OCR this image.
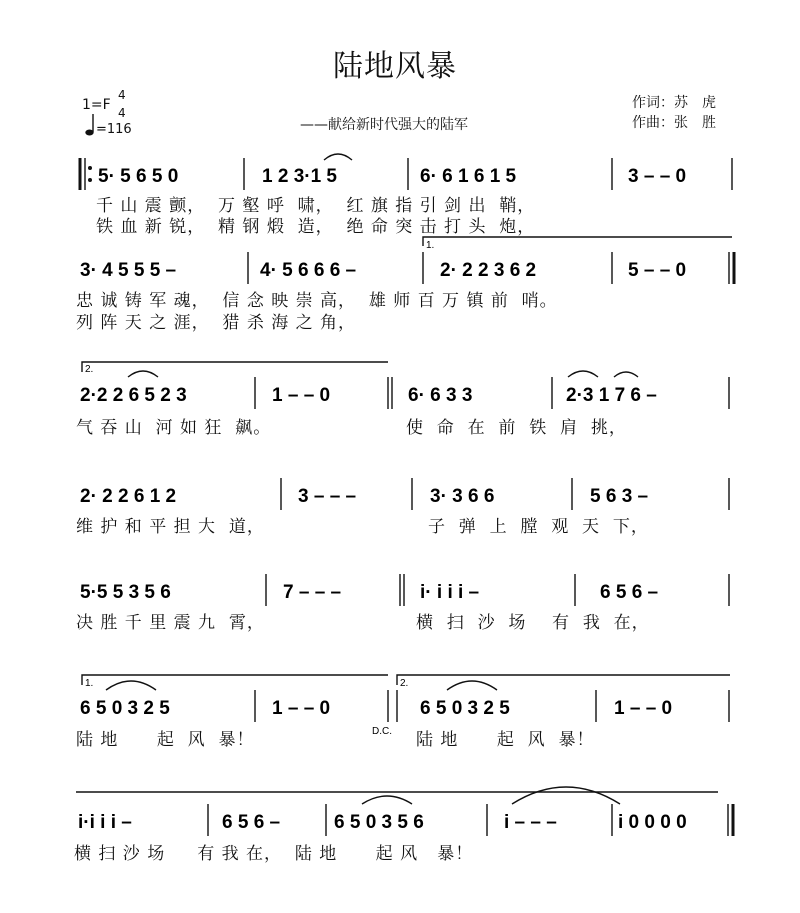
陆地风暴
1=F
4
4
=116	——献给新时代强大的陆军
作词：苏　虎
作曲：张　胜
5· 5 6 5 0	1 2 3·1 5	6· 6 1 6 1 5	3 – – 0
3· 4 5 5 5 –	4· 5 6 6 6 –	2· 2 2 3 6 2	5 – – 0
1.
2.
2·2 2 6 5 2 3	1 – – 0	6· 6 3 3	2·3 1 7 6 –
2· 2 2 6 1 2	3 – – –	3· 3 6 6	5 6 3 –
5·5 5 3 5 6	7 – – –	i· i i i –	6 5 6 –
1.	2.
6 5 0 3 2 5	1 – – 0	6 5 0 3 2 5	1 – – 0
D.C.
i·i i i –	6 5 6 –	6 5 0 3 5 6	i – – –	i 0 0 0 0
千 山 震 颤，  万 壑 呼  啸，  红 旗 指 引 剑 出  鞘，
铁 血 新 锐，  精 钢 煅  造，  绝 命 突 击 打 头  炮，
忠 诚 铸 军 魂，  信 念 映 崇 高，  雄 师 百 万 镇 前  哨。
列 阵 天 之 涯，  猎 杀 海 之 角，
气 吞 山  河 如 狂  飙。	使  命  在  前  铁  肩  挑，
维 护 和 平 担 大  道，	子  弹  上  膛  观  天  下，
决 胜 千 里 震 九  霄，	横  扫  沙  场    有  我  在，
陆 地      起  风  暴！	陆 地      起  风  暴！
横 扫 沙 场     有 我 在，  陆 地      起 风   暴！
